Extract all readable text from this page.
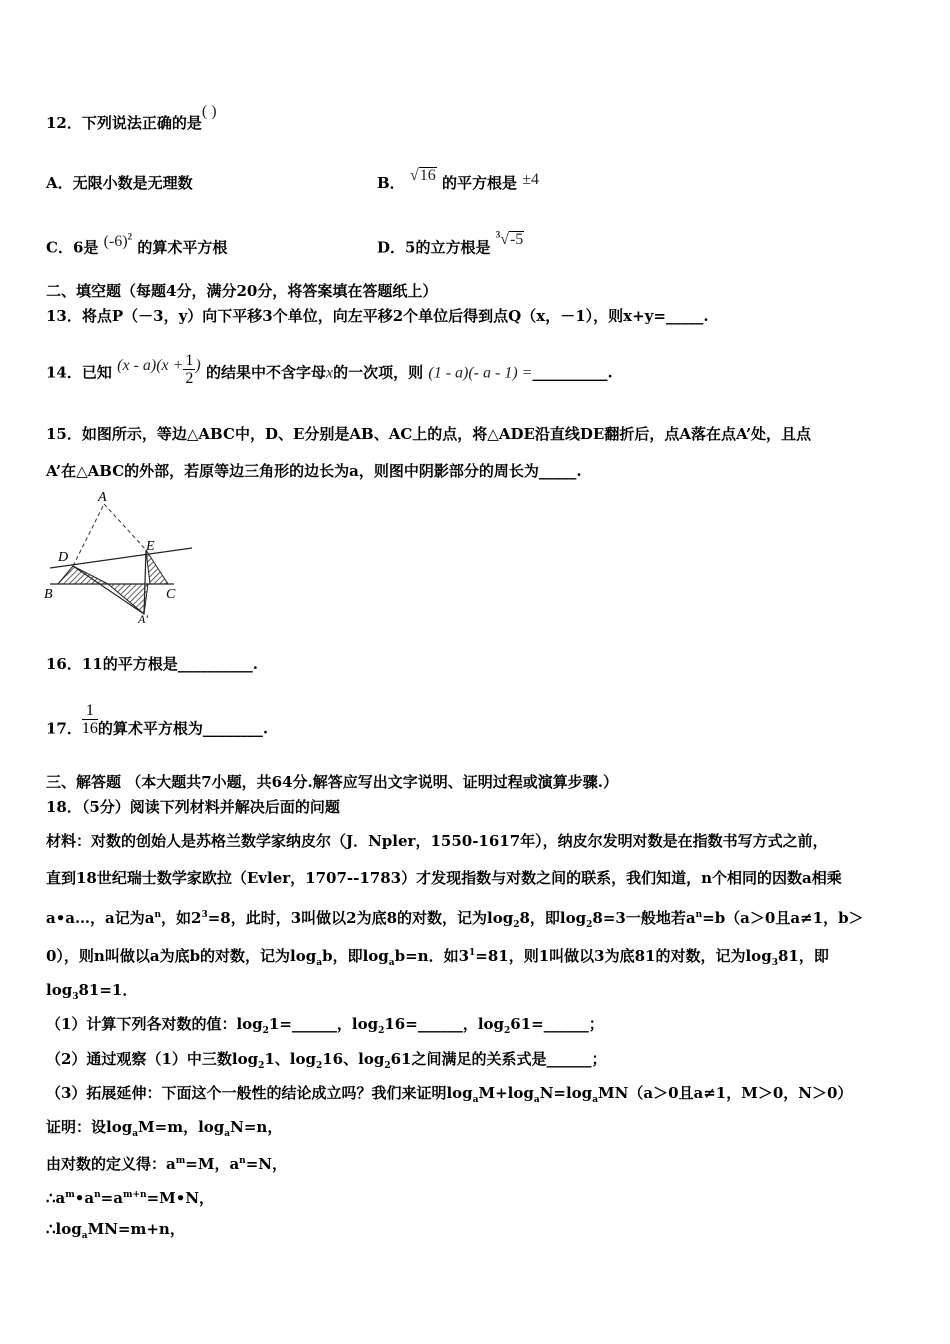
12．下列说法正确的是( )
A．无限小数是无理数	B． √16 的平方根是 ±4
C．6是 $(-6)^2$ 的算术平方根	D．5的立方根是 $^3$√-5
二、填空题（每题4分，满分20分，将答案填在答题纸上）
13．将点P（－3，y）向下平移3个单位，向左平移2个单位后得到点Q（x，－1），则x+y=_____.
14．已知 $(x - a)(x + \frac{1}{2}$ ) 的结果中不含字母x的一次项，则 (1 - a)(- a - 1) =__________.
15．如图所示，等边△ABC中，D、E分别是AB、AC上的点，将△ADE沿直线DE翻折后，点A落在点A’处，且点
A’在△ABC的外部，若原等边三角形的边长为a，则图中阴影部分的周长为_____.
A
D
E
B	C
A′
16．11的平方根是__________.
17． $\frac{1}{16}$ 的算术平方根为________.
三、解答题 （本大题共7小题，共64分.解答应写出文字说明、证明过程或演算步骤.）
18．（5分）阅读下列材料并解决后面的问题
材料：对数的创始人是苏格兰数学家纳皮尔（J．Npler，1550-1617年），纳皮尔发明对数是在指数书写方式之前，
直到18世纪瑞士数学家欧拉（Evler，1707--1783）才发现指数与对数之间的联系，我们知道，n个相同的因数a相乘
a•a…，a记为$a^n$，如$2^3=8$，此时，3叫做以2为底8的对数，记为$\log_28$，即$\log_28=3$一般地若$a^n=b(a>0$且a≠1，b＞
0），则n叫做以a为底b的对数，记为$\log_ab$，即$\log_ab=n$．如$3^1=81$，则1叫做以3为底81的对数，记为$\log_381$，即
$\log_381=1$．
（1）计算下列各对数的值：$\log_21=\_\_\_\_\_\_$，$\log_216=\_\_\_\_\_\_$，$\log_261=\_\_\_\_\_\_$；
（2）通过观察（1）中三数$\log_21$、$\log_216$、$\log_261$之间满足的关系式是______；
（3）拓展延伸：下面这个一般性的结论成立吗？我们来证明$\log_aM+\log_aN=\log_aMN(a>0$且a≠1，M＞0，N＞0）
证明：设$\log_aM=m$，$\log_aN=n$，
由对数的定义得：$a^m=M$，$a^n=N$，
$\therefore a^m•a^n=a^{m+n}=M•N$，
$\therefore\log_aMN=m+n$，
